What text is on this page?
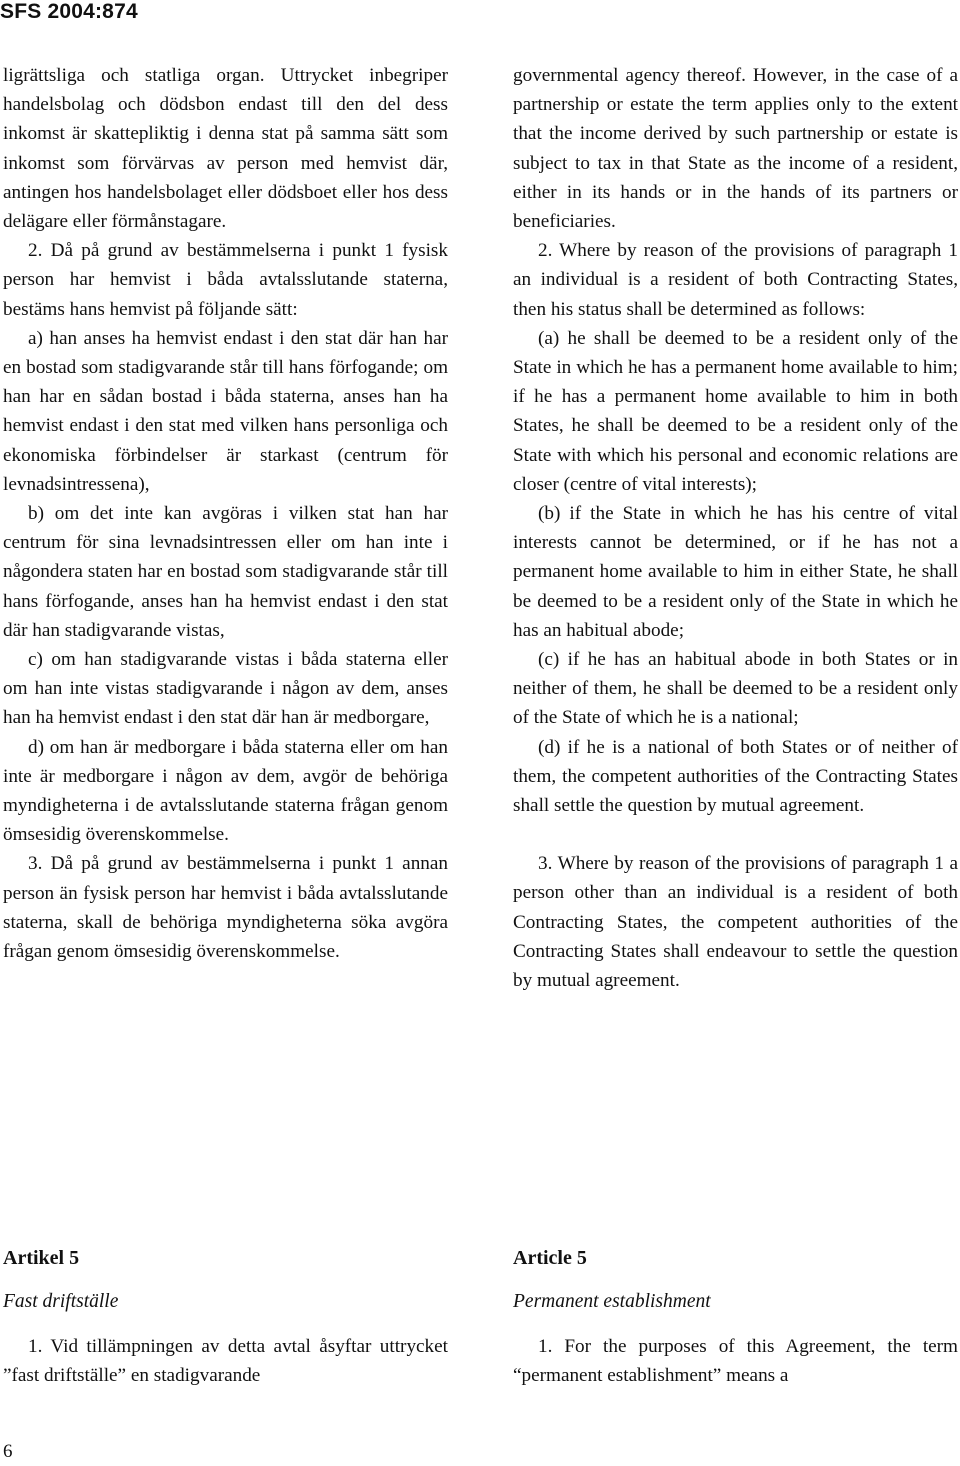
SFS 2004:874

ligrättsliga och statliga organ. Uttrycket inbegriper handelsbolag och dödsbon endast till den del dess inkomst är skattepliktig i denna stat på samma sätt som inkomst som förvärvas av person med hemvist där, antingen hos handelsbolaget eller dödsboet eller hos dess delägare eller förmånstagare.

2. Då på grund av bestämmelserna i punkt 1 fysisk person har hemvist i båda avtalsslutande staterna, bestäms hans hemvist på följande sätt:

a) han anses ha hemvist endast i den stat där han har en bostad som stadigvarande står till hans förfogande; om han har en sådan bostad i båda staterna, anses han ha hemvist endast i den stat med vilken hans personliga och ekonomiska förbindelser är starkast (centrum för levnadsintressena),

b) om det inte kan avgöras i vilken stat han har centrum för sina levnadsintressen eller om han inte i någondera staten har en bostad som stadigvarande står till hans förfogande, anses han ha hemvist endast i den stat där han stadigvarande vistas,

c) om han stadigvarande vistas i båda staterna eller om han inte vistas stadigvarande i någon av dem, anses han ha hemvist endast i den stat där han är medborgare,

d) om han är medborgare i båda staterna eller om han inte är medborgare i någon av dem, avgör de behöriga myndigheterna i de avtalsslutande staterna frågan genom ömsesidig överenskommelse.

3. Då på grund av bestämmelserna i punkt 1 annan person än fysisk person har hemvist i båda avtalsslutande staterna, skall de behöriga myndigheterna söka avgöra frågan genom ömsesidig överenskommelse.

governmental agency thereof. However, in the case of a partnership or estate the term applies only to the extent that the income derived by such partnership or estate is subject to tax in that State as the income of a resident, either in its hands or in the hands of its partners or beneficiaries.

2. Where by reason of the provisions of paragraph 1 an individual is a resident of both Contracting States, then his status shall be determined as follows:

(a) he shall be deemed to be a resident only of the State in which he has a permanent home available to him; if he has a permanent home available to him in both States, he shall be deemed to be a resident only of the State with which his personal and economic relations are closer (centre of vital interests);

(b) if the State in which he has his centre of vital interests cannot be determined, or if he has not a permanent home available to him in either State, he shall be deemed to be a resident only of the State in which he has an habitual abode;

(c) if he has an habitual abode in both States or in neither of them, he shall be deemed to be a resident only of the State of which he is a national;

(d) if he is a national of both States or of neither of them, the competent authorities of the Contracting States shall settle the question by mutual agreement.

3. Where by reason of the provisions of paragraph 1 a person other than an individual is a resident of both Contracting States, the competent authorities of the Contracting States shall endeavour to settle the question by mutual agreement.

Artikel 5
Fast driftställe

1. Vid tillämpningen av detta avtal åsyftar uttrycket ”fast driftställe” en stadigvarande

Article 5
Permanent establishment

1. For the purposes of this Agreement, the term “permanent establishment” means a

6
